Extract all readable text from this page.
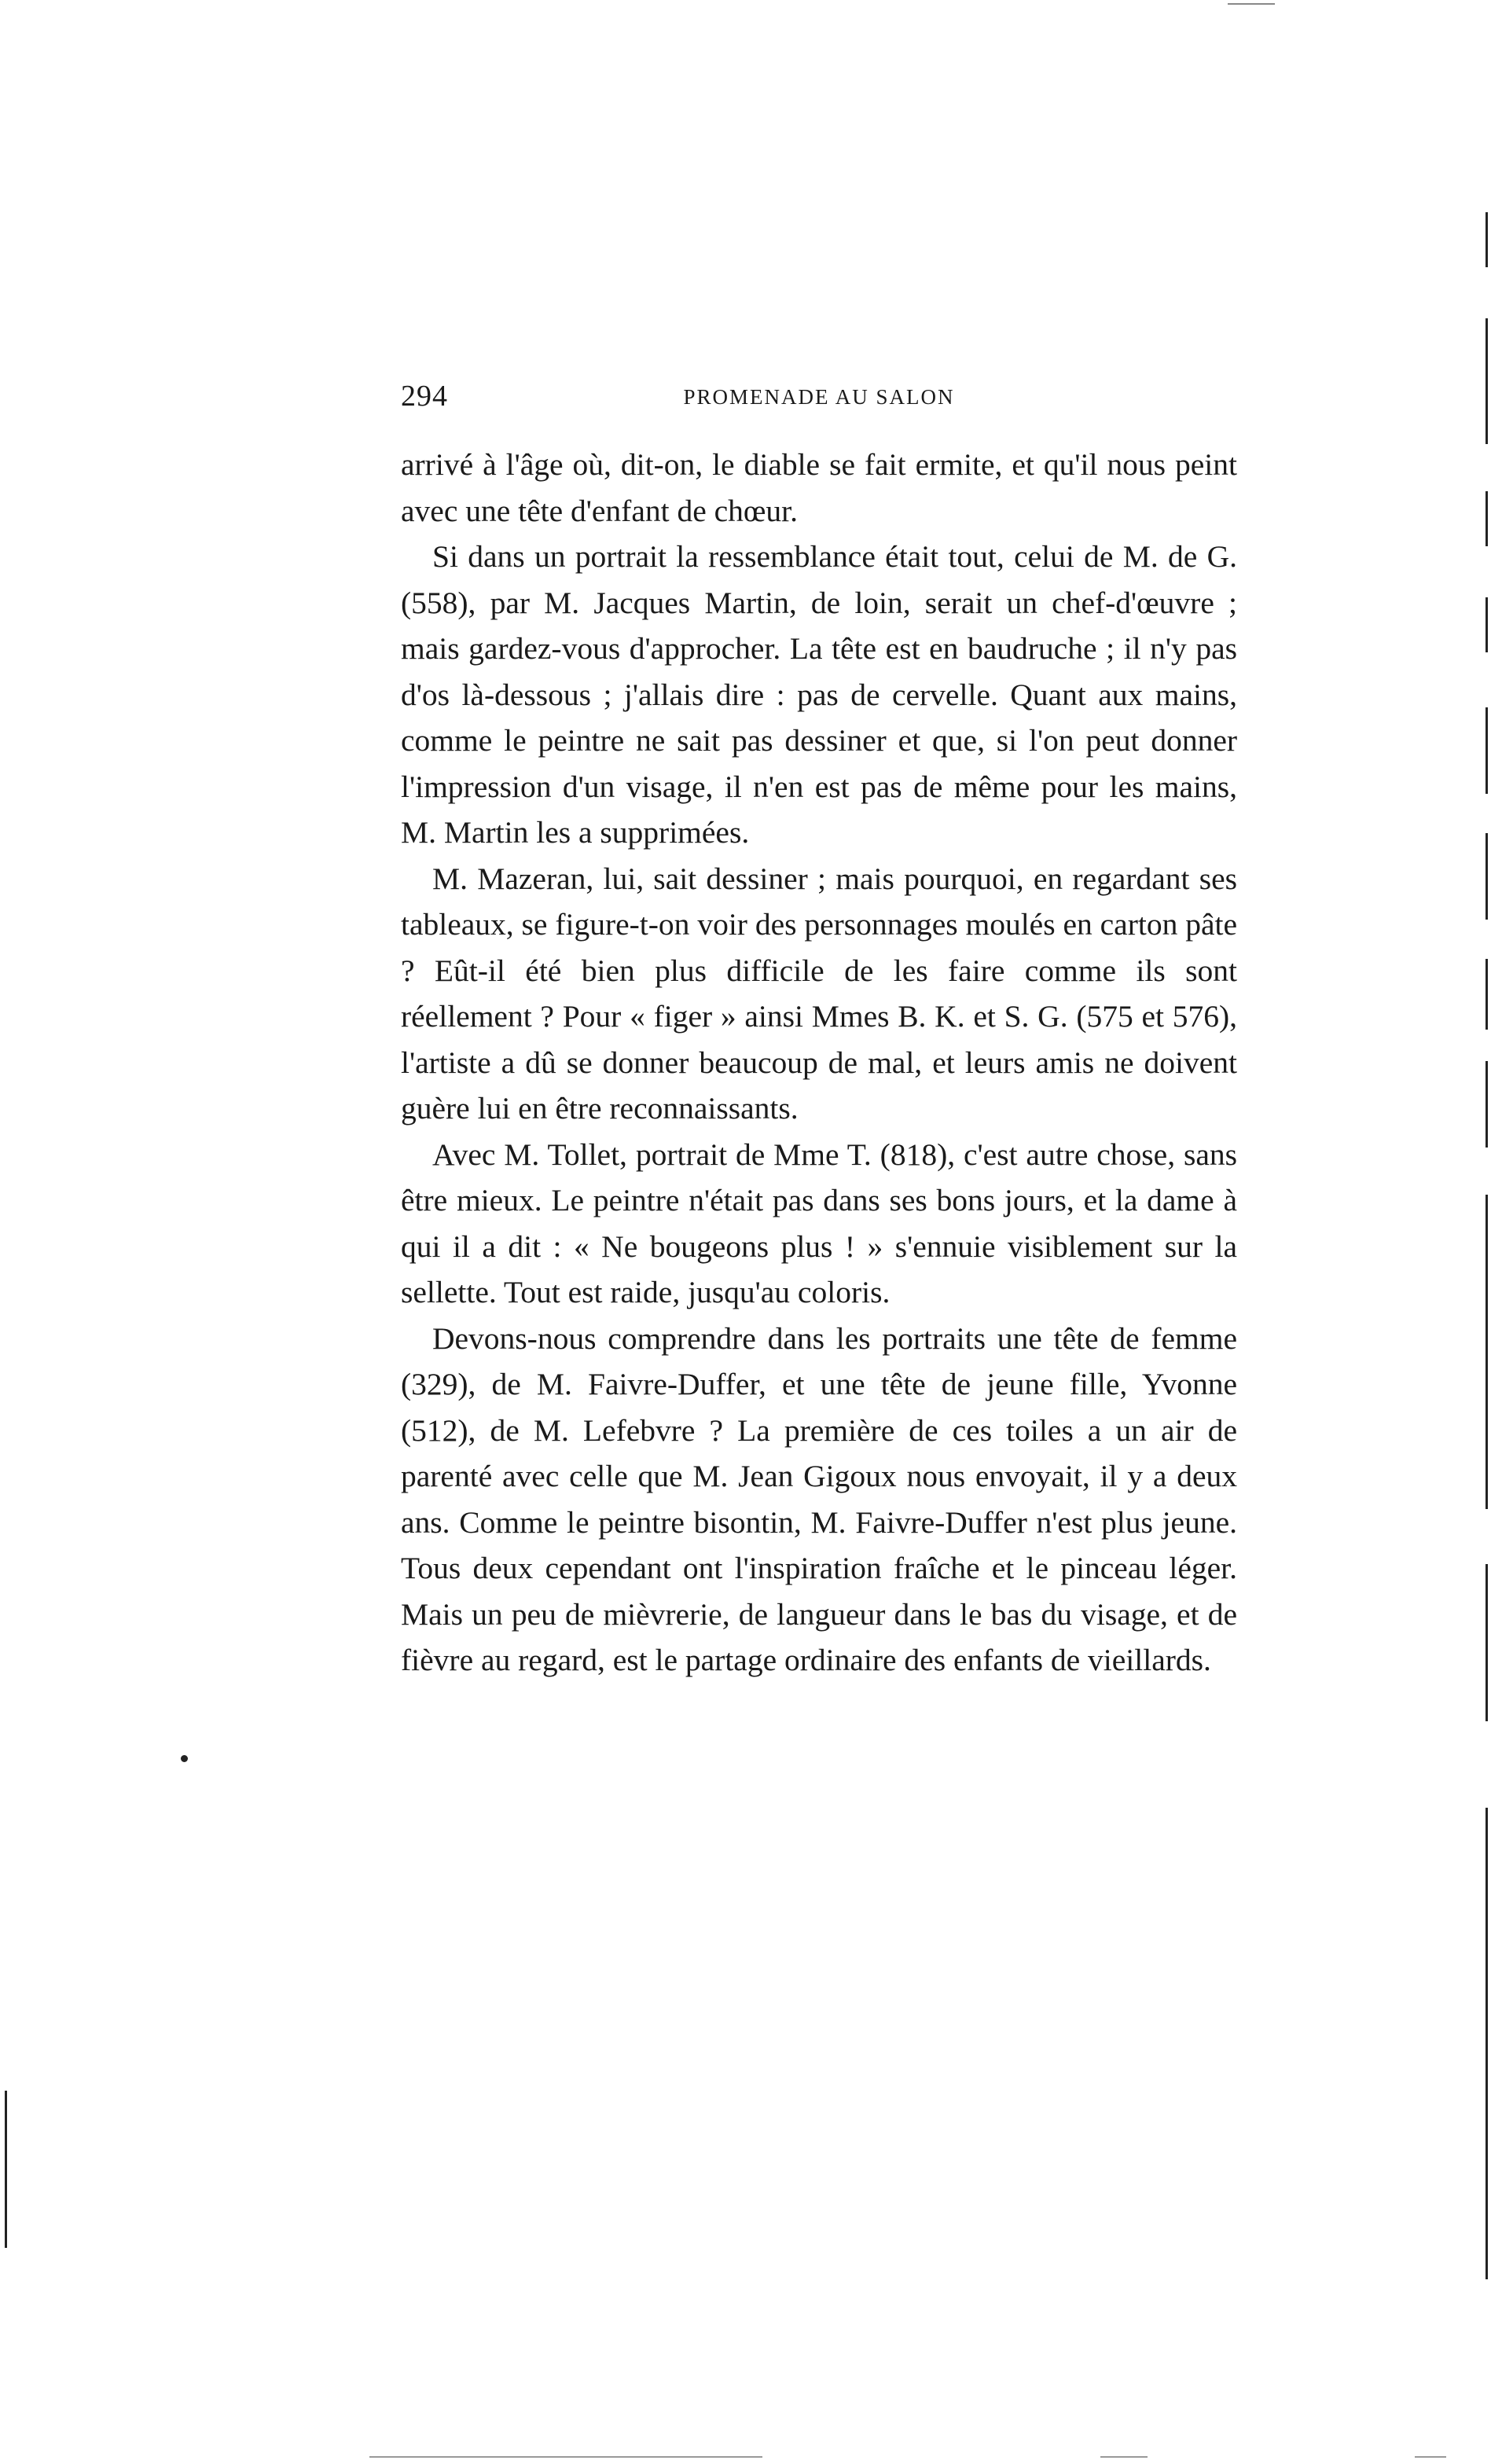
294	PROMENADE AU SALON

arrivé à l'âge où, dit-on, le diable se fait ermite, et qu'il nous peint avec une tête d'enfant de chœur.

Si dans un portrait la ressemblance était tout, celui de M. de G. (558), par M. Jacques Martin, de loin, serait un chef-d'œuvre ; mais gardez-vous d'approcher. La tête est en baudruche ; il n'y pas d'os là-dessous ; j'allais dire : pas de cervelle. Quant aux mains, comme le peintre ne sait pas dessiner et que, si l'on peut donner l'impression d'un visage, il n'en est pas de même pour les mains, M. Martin les a supprimées.

M. Mazeran, lui, sait dessiner ; mais pourquoi, en regardant ses tableaux, se figure-t-on voir des personnages moulés en carton pâte ? Eût-il été bien plus difficile de les faire comme ils sont réellement ? Pour « figer » ainsi Mmes B. K. et S. G. (575 et 576), l'artiste a dû se donner beaucoup de mal, et leurs amis ne doivent guère lui en être reconnaissants.

Avec M. Tollet, portrait de Mme T. (818), c'est autre chose, sans être mieux. Le peintre n'était pas dans ses bons jours, et la dame à qui il a dit : « Ne bougeons plus ! » s'ennuie visiblement sur la sellette. Tout est raide, jusqu'au coloris.

Devons-nous comprendre dans les portraits une tête de femme (329), de M. Faivre-Duffer, et une tête de jeune fille, Yvonne (512), de M. Lefebvre ? La première de ces toiles a un air de parenté avec celle que M. Jean Gigoux nous envoyait, il y a deux ans. Comme le peintre bisontin, M. Faivre-Duffer n'est plus jeune. Tous deux cependant ont l'inspiration fraîche et le pinceau léger. Mais un peu de mièvrerie, de langueur dans le bas du visage, et de fièvre au regard, est le partage ordinaire des enfants de vieillards.
